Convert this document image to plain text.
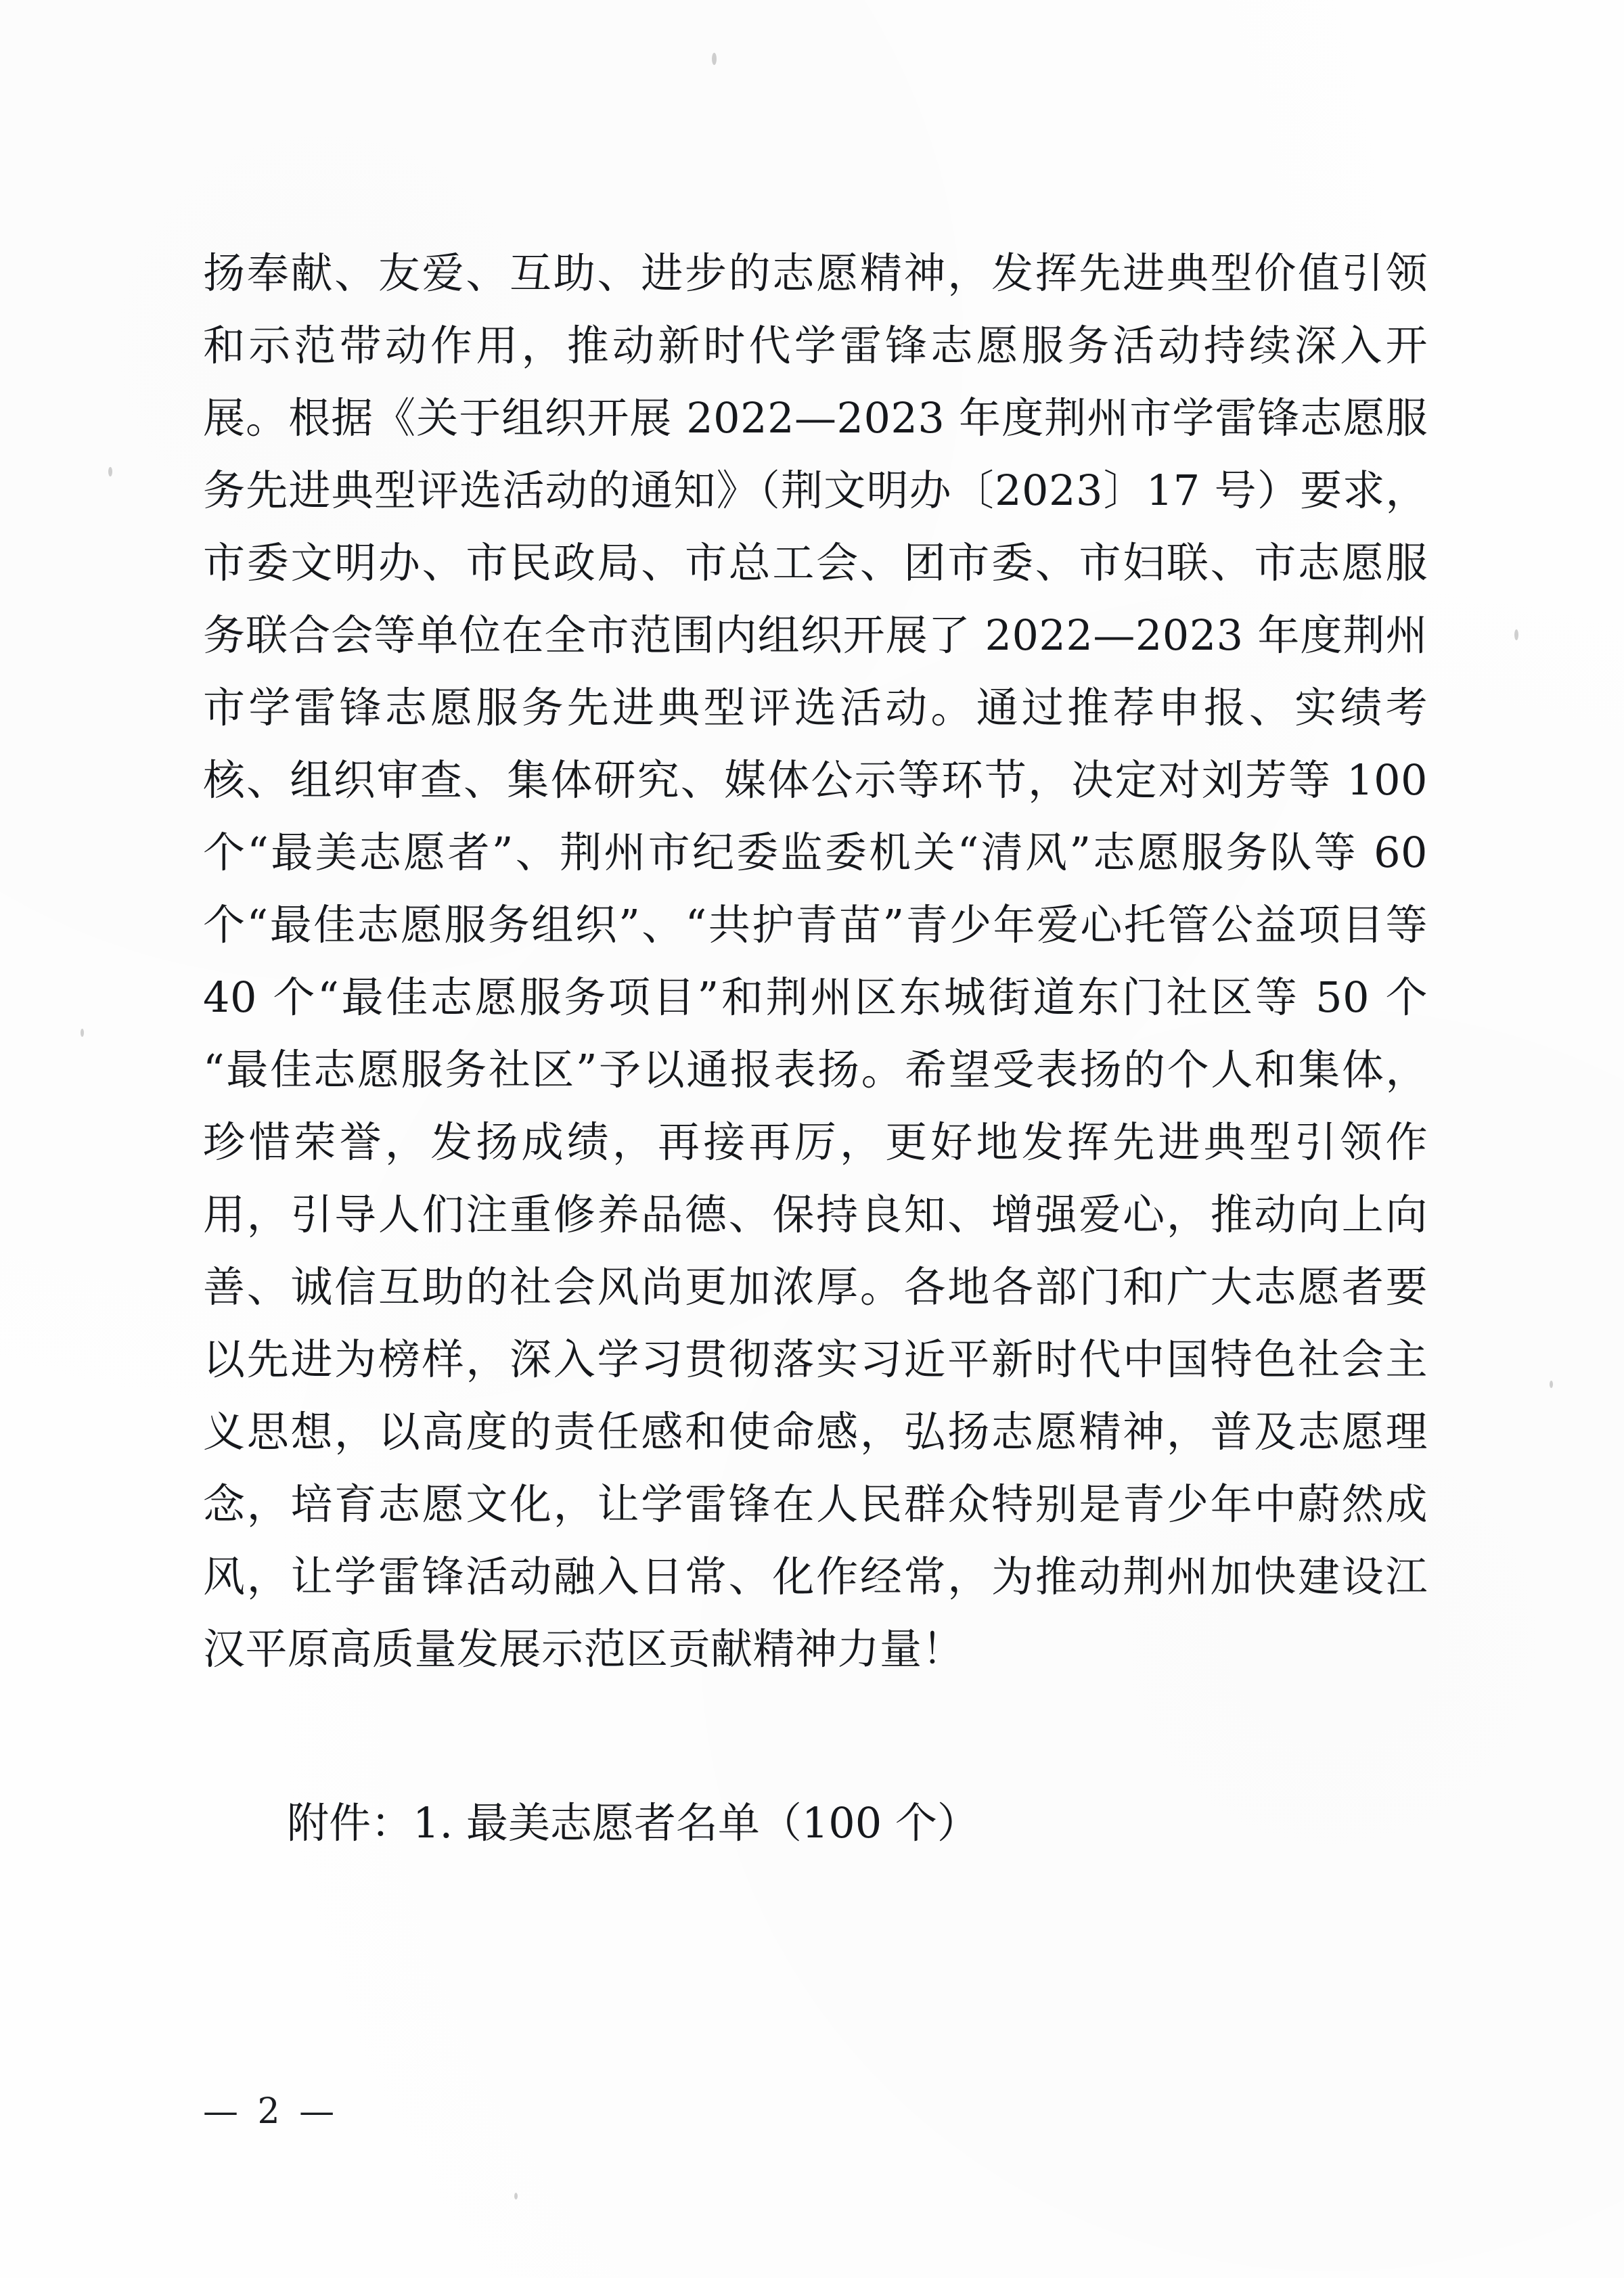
扬奉献、友爱、互助、进步的志愿精神，发挥先进典型价值引领和示范带动作用，推动新时代学雷锋志愿服务活动持续深入开展。根据《关于组织开展 2022—2023 年度荆州市学雷锋志愿服务先进典型评选活动的通知》（荆文明办〔2023〕17 号）要求，市委文明办、市民政局、市总工会、团市委、市妇联、市志愿服务联合会等单位在全市范围内组织开展了 2022—2023 年度荆州市学雷锋志愿服务先进典型评选活动。通过推荐申报、实绩考核、组织审查、集体研究、媒体公示等环节，决定对刘芳等 100 个“最美志愿者”、荆州市纪委监委机关“清风”志愿服务队等 60 个“最佳志愿服务组织”、“共护青苗”青少年爱心托管公益项目等 40 个“最佳志愿服务项目”和荆州区东城街道东门社区等 50 个“最佳志愿服务社区”予以通报表扬。希望受表扬的个人和集体，珍惜荣誉，发扬成绩，再接再厉，更好地发挥先进典型引领作用，引导人们注重修养品德、保持良知、增强爱心，推动向上向善、诚信互助的社会风尚更加浓厚。各地各部门和广大志愿者要以先进为榜样，深入学习贯彻落实习近平新时代中国特色社会主义思想，以高度的责任感和使命感，弘扬志愿精神，普及志愿理念，培育志愿文化，让学雷锋在人民群众特别是青少年中蔚然成风，让学雷锋活动融入日常、化作经常，为推动荆州加快建设江汉平原高质量发展示范区贡献精神力量！

附件：1. 最美志愿者名单（100 个）
— 2 —
